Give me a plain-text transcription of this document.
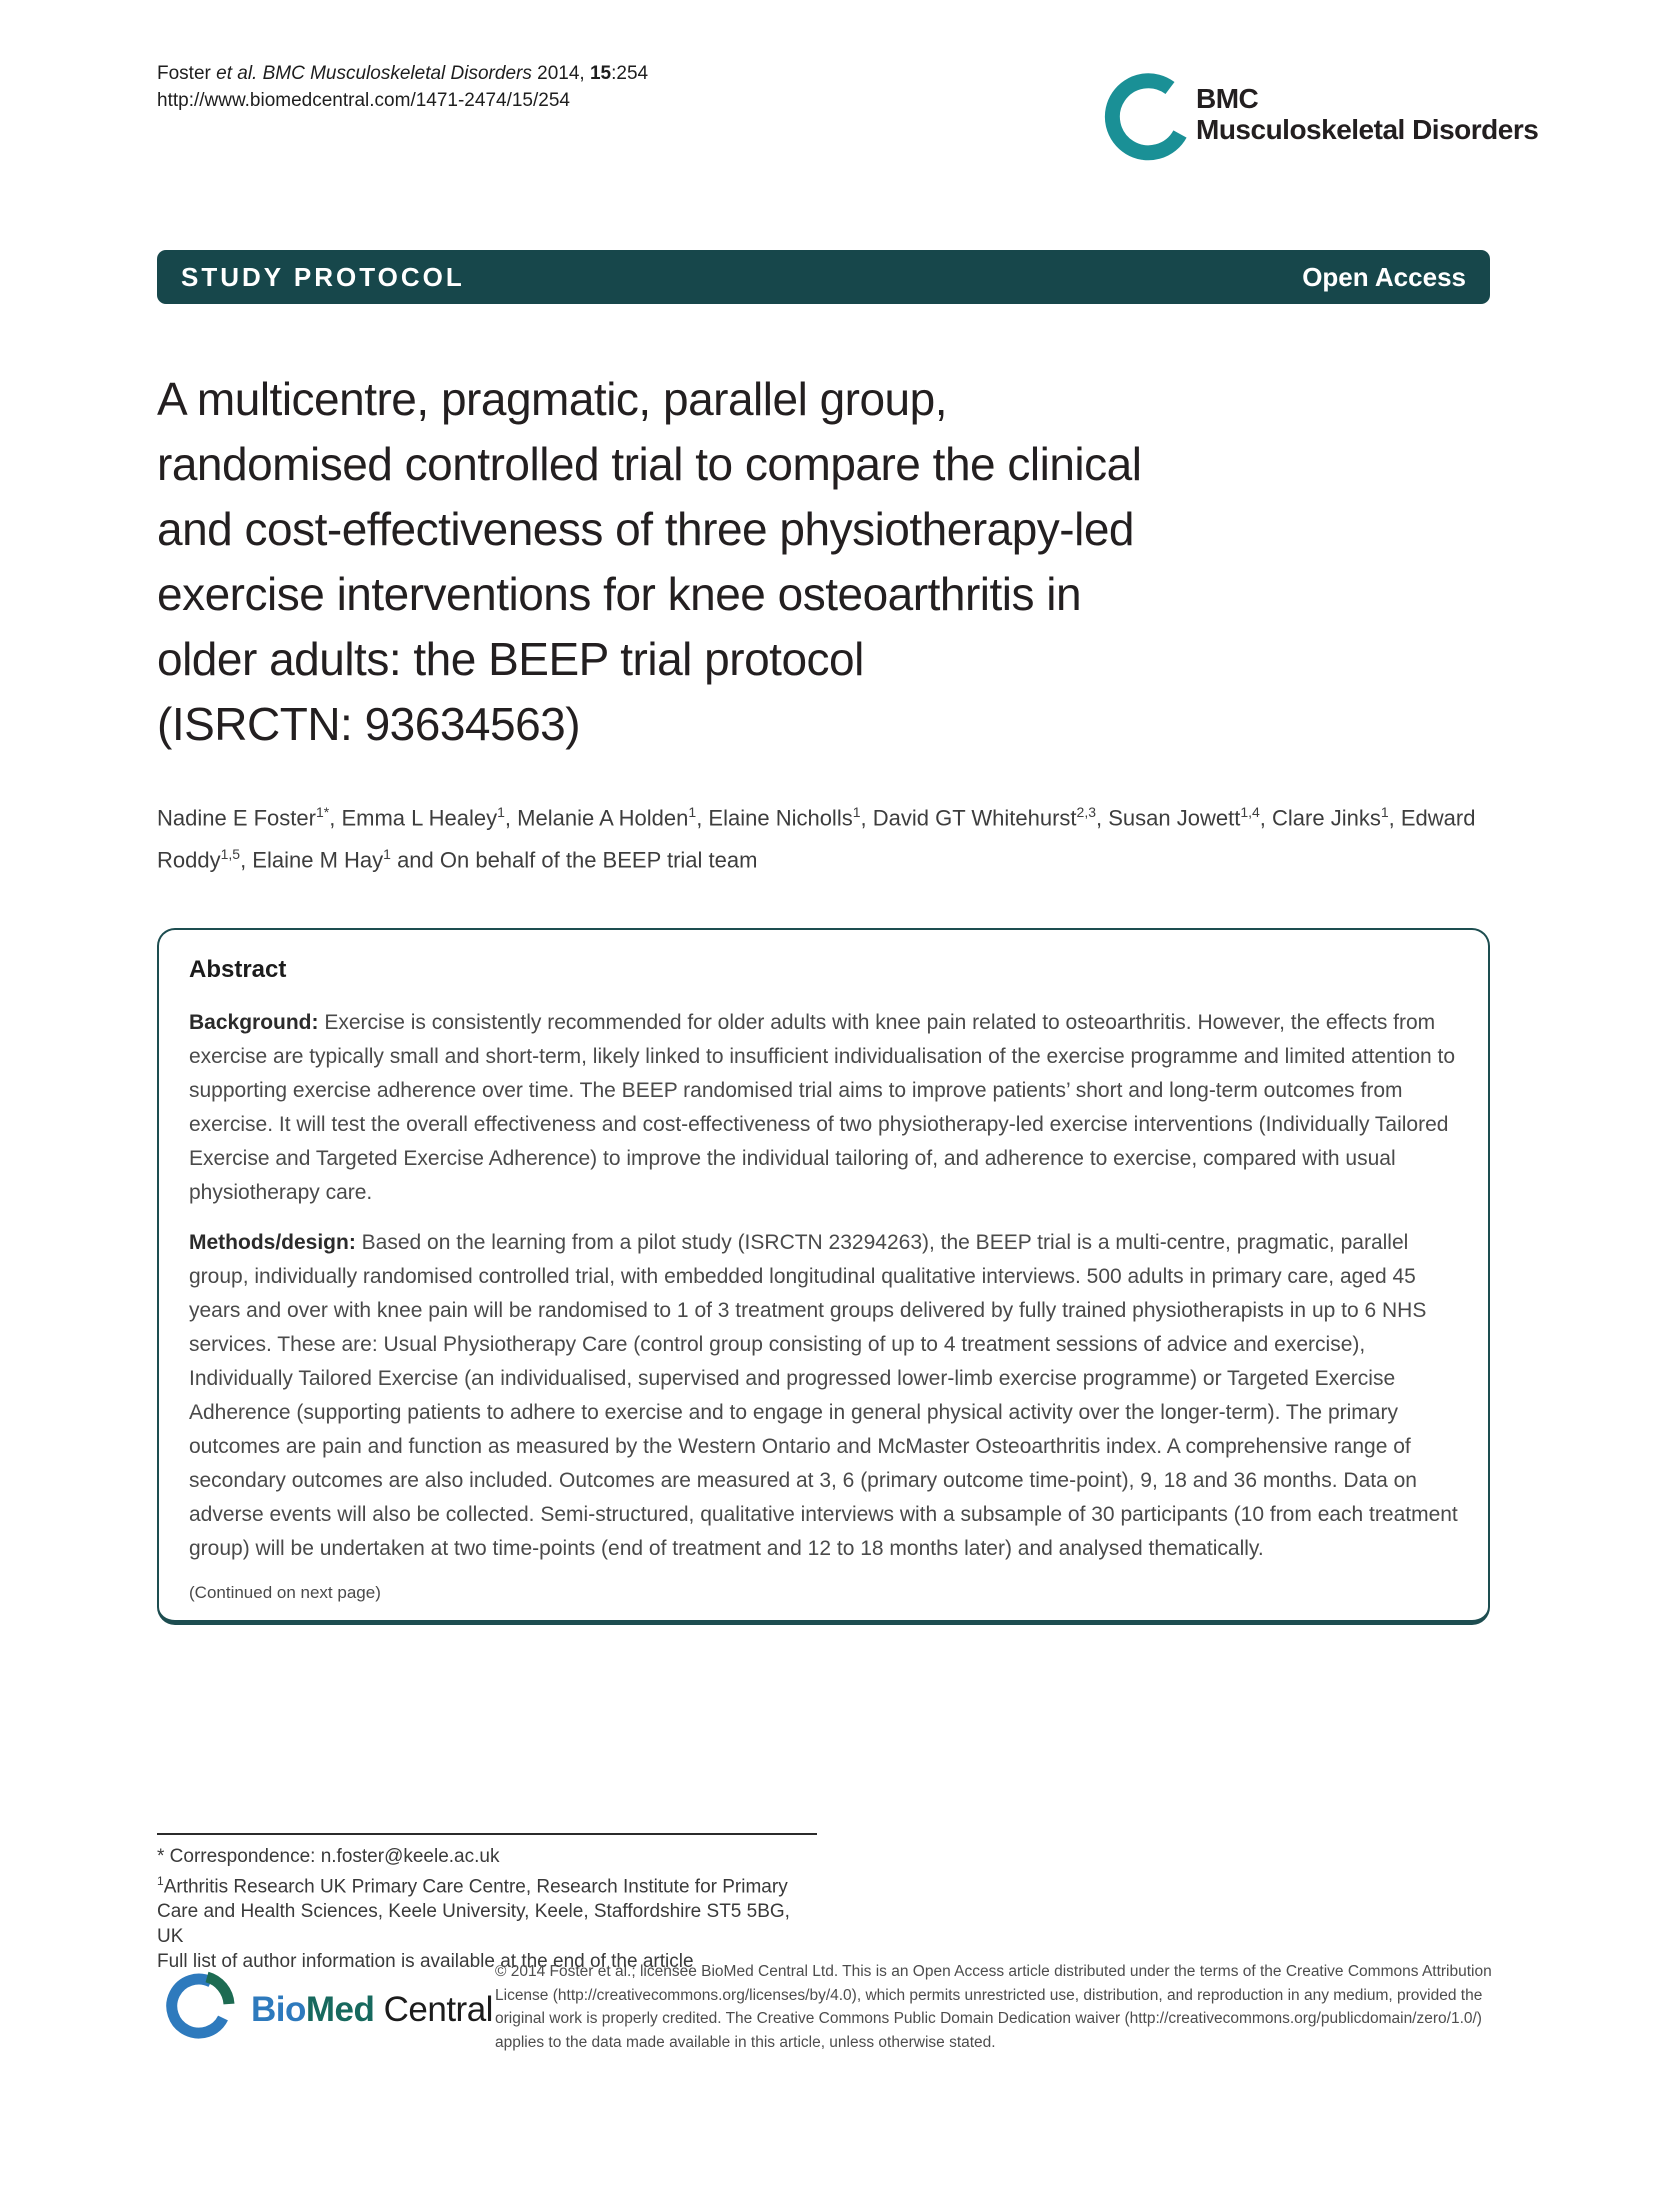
Foster et al. BMC Musculoskeletal Disorders 2014, 15:254
http://www.biomedcentral.com/1471-2474/15/254	BMC
Musculoskeletal Disorders
STUDY PROTOCOL	Open Access
A multicentre, pragmatic, parallel group,
randomised controlled trial to compare the clinical
and cost-effectiveness of three physiotherapy-led
exercise interventions for knee osteoarthritis in
older adults: the BEEP trial protocol
(ISRCTN: 93634563)
Nadine E Foster$^{1*}$, Emma L Healey$^1$, Melanie A Holden$^1$, Elaine Nicholls$^1$, David GT Whitehurst$^{2,3}$, Susan Jowett$^{1,4}$, Clare Jinks$^1$, Edward Roddy$^{1,5}$, Elaine M Hay$^1$ and On behalf of the BEEP trial team
Abstract

Background: Exercise is consistently recommended for older adults with knee pain related to osteoarthritis. However, the effects from exercise are typically small and short-term, likely linked to insufficient individualisation of the exercise programme and limited attention to supporting exercise adherence over time. The BEEP randomised trial aims to improve patients’ short and long-term outcomes from exercise. It will test the overall effectiveness and cost-effectiveness of two physiotherapy-led exercise interventions (Individually Tailored Exercise and Targeted Exercise Adherence) to improve the individual tailoring of, and adherence to exercise, compared with usual physiotherapy care.

Methods/design: Based on the learning from a pilot study (ISRCTN 23294263), the BEEP trial is a multi-centre, pragmatic, parallel group, individually randomised controlled trial, with embedded longitudinal qualitative interviews. 500 adults in primary care, aged 45 years and over with knee pain will be randomised to 1 of 3 treatment groups delivered by fully trained physiotherapists in up to 6 NHS services. These are: Usual Physiotherapy Care (control group consisting of up to 4 treatment sessions of advice and exercise), Individually Tailored Exercise (an individualised, supervised and progressed lower-limb exercise programme) or Targeted Exercise Adherence (supporting patients to adhere to exercise and to engage in general physical activity over the longer-term). The primary outcomes are pain and function as measured by the Western Ontario and McMaster Osteoarthritis index. A comprehensive range of secondary outcomes are also included. Outcomes are measured at 3, 6 (primary outcome time-point), 9, 18 and 36 months. Data on adverse events will also be collected. Semi-structured, qualitative interviews with a subsample of 30 participants (10 from each treatment group) will be undertaken at two time-points (end of treatment and 12 to 18 months later) and analysed thematically.

(Continued on next page)

* Correspondence: n.foster@keele.ac.uk
$^1$Arthritis Research UK Primary Care Centre, Research Institute for Primary Care and Health Sciences, Keele University, Keele, Staffordshire ST5 5BG, UK
Full list of author information is available at the end of the article
BioMed Central
© 2014 Foster et al.; licensee BioMed Central Ltd. This is an Open Access article distributed under the terms of the Creative Commons Attribution License (http://creativecommons.org/licenses/by/4.0), which permits unrestricted use, distribution, and reproduction in any medium, provided the original work is properly credited. The Creative Commons Public Domain Dedication waiver (http://creativecommons.org/publicdomain/zero/1.0/) applies to the data made available in this article, unless otherwise stated.
